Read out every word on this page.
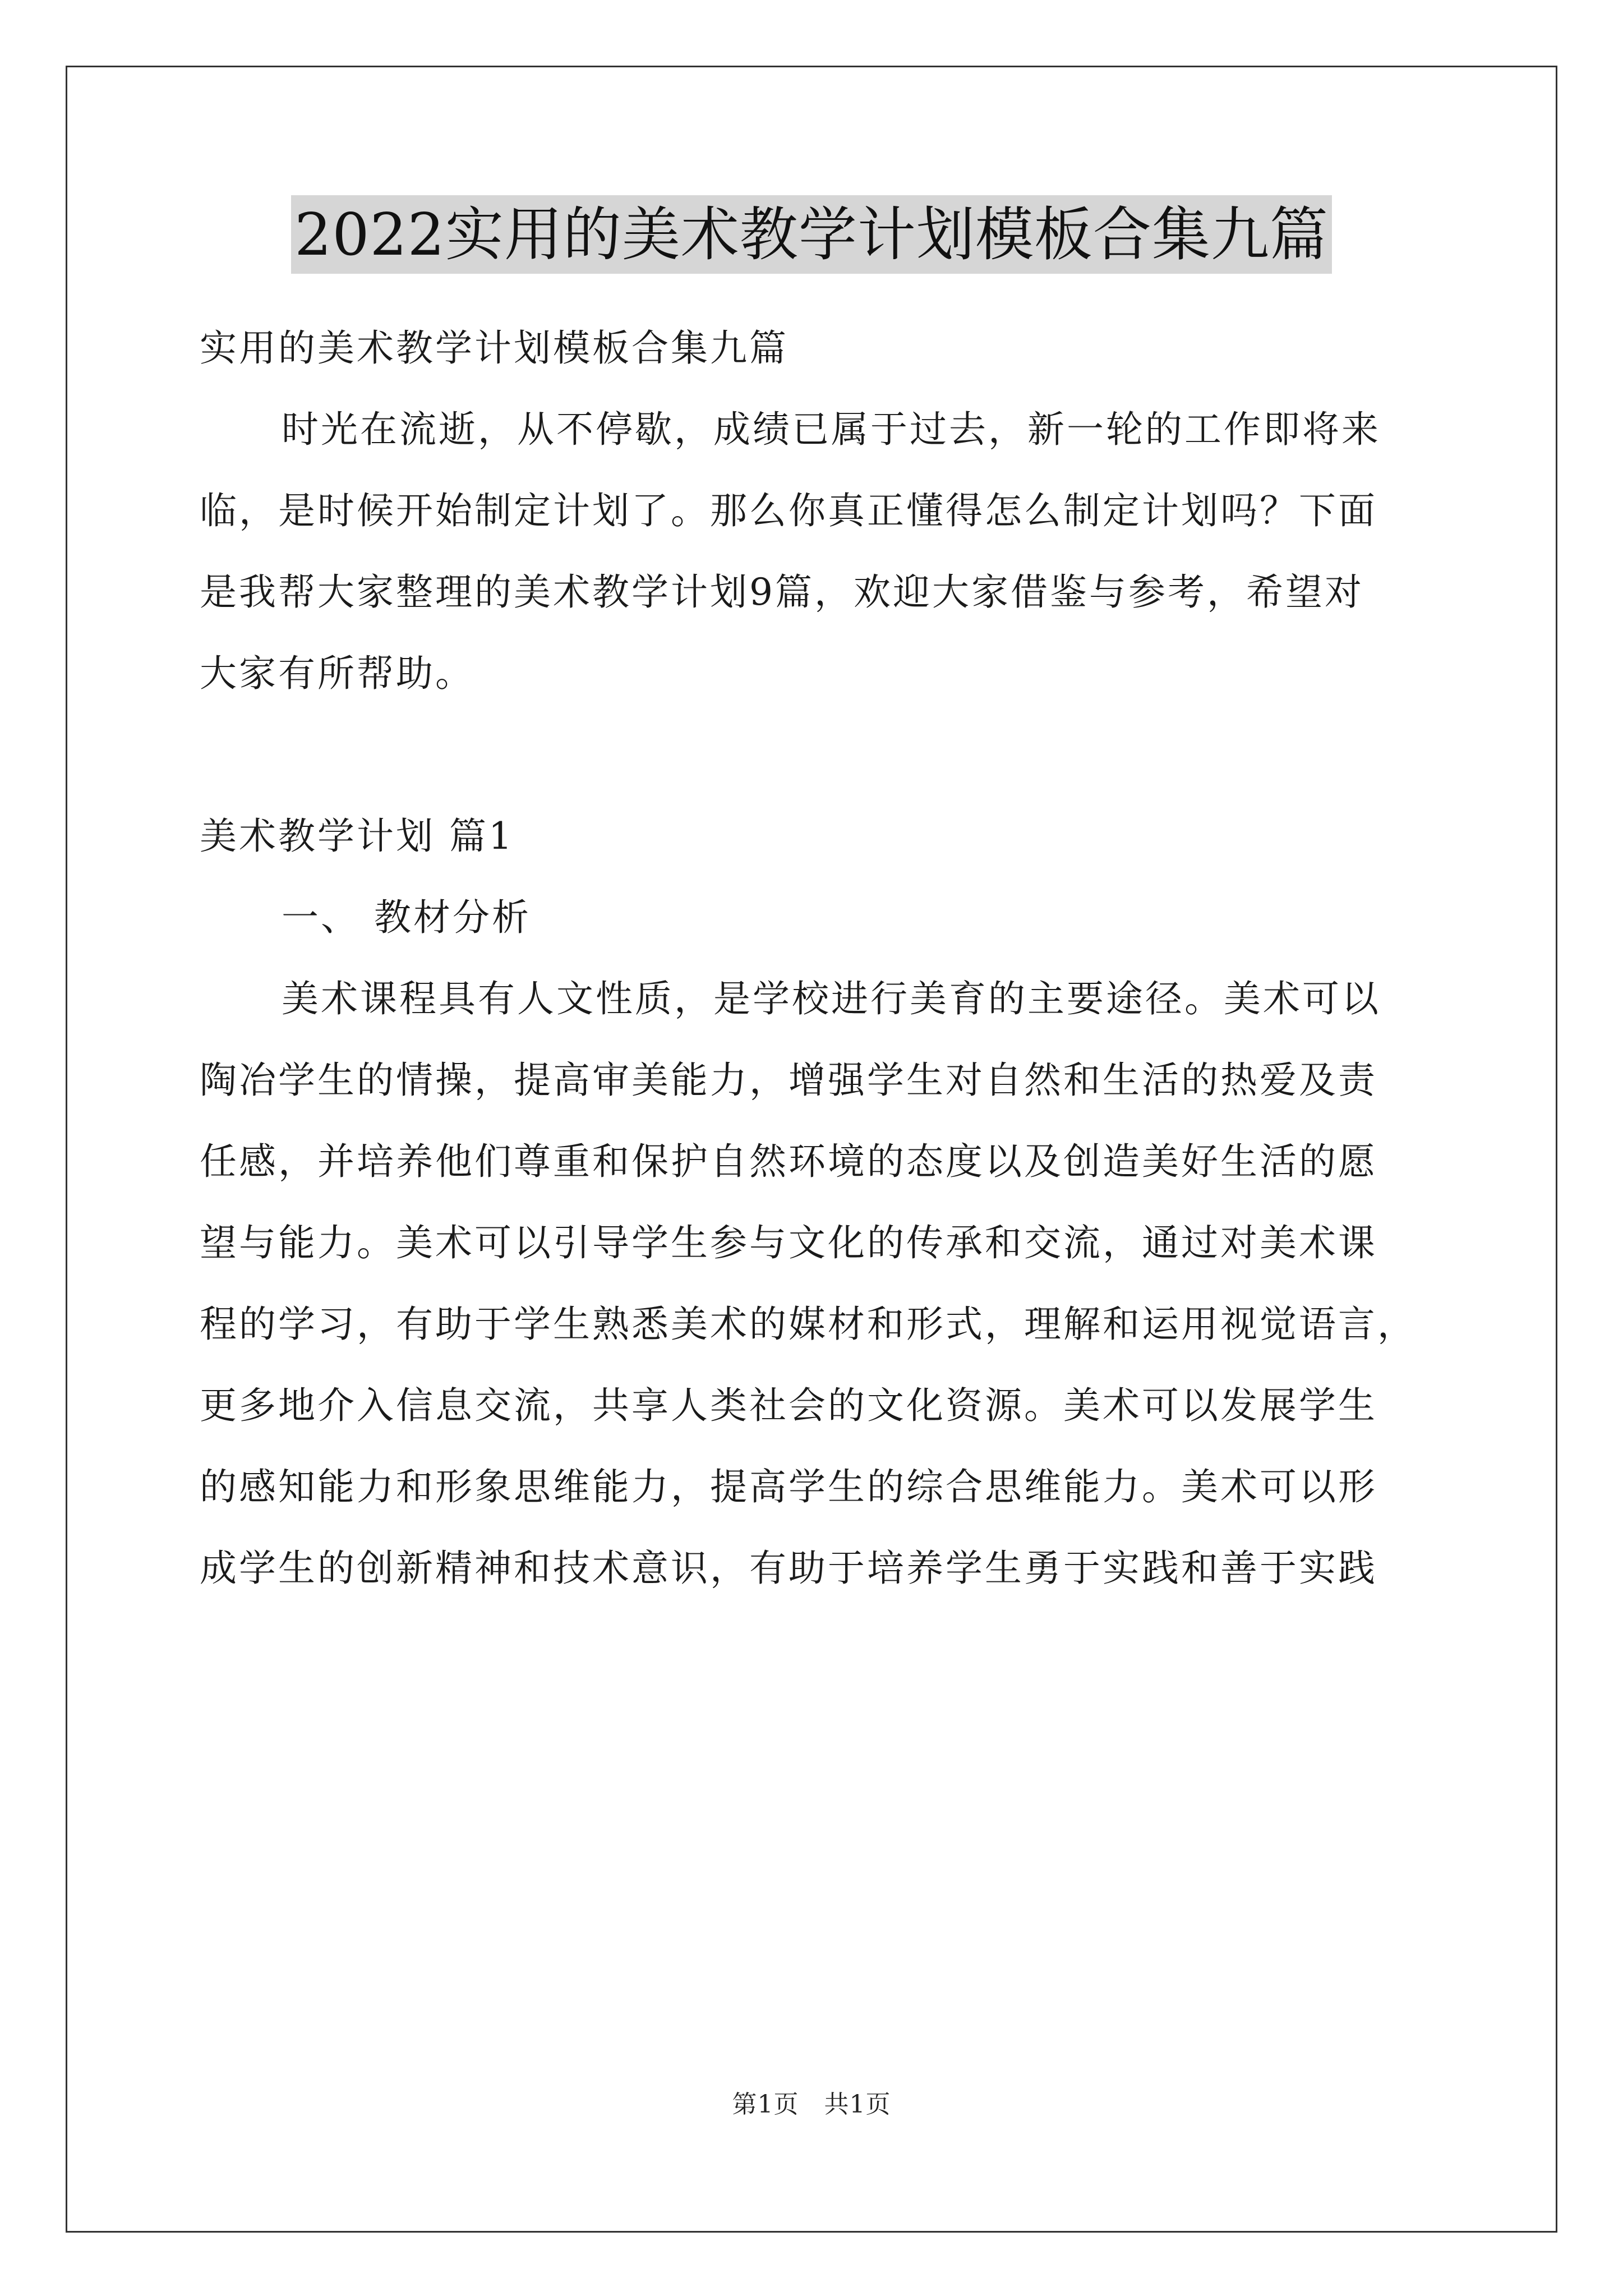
2022实用的美术教学计划模板合集九篇

实用的美术教学计划模板合集九篇

时光在流逝，从不停歇，成绩已属于过去，新一轮的工作即将来

临，是时候开始制定计划了。那么你真正懂得怎么制定计划吗？下面

是我帮大家整理的美术教学计划9篇，欢迎大家借鉴与参考，希望对

大家有所帮助。

美术教学计划 篇1

一、 教材分析

美术课程具有人文性质，是学校进行美育的主要途径。美术可以

陶冶学生的情操，提高审美能力，增强学生对自然和生活的热爱及责

任感，并培养他们尊重和保护自然环境的态度以及创造美好生活的愿

望与能力。美术可以引导学生参与文化的传承和交流，通过对美术课

程的学习，有助于学生熟悉美术的媒材和形式，理解和运用视觉语言，

更多地介入信息交流，共享人类社会的文化资源。美术可以发展学生

的感知能力和形象思维能力，提高学生的综合思维能力。美术可以形

成学生的创新精神和技术意识，有助于培养学生勇于实践和善于实践

第1页　共1页
